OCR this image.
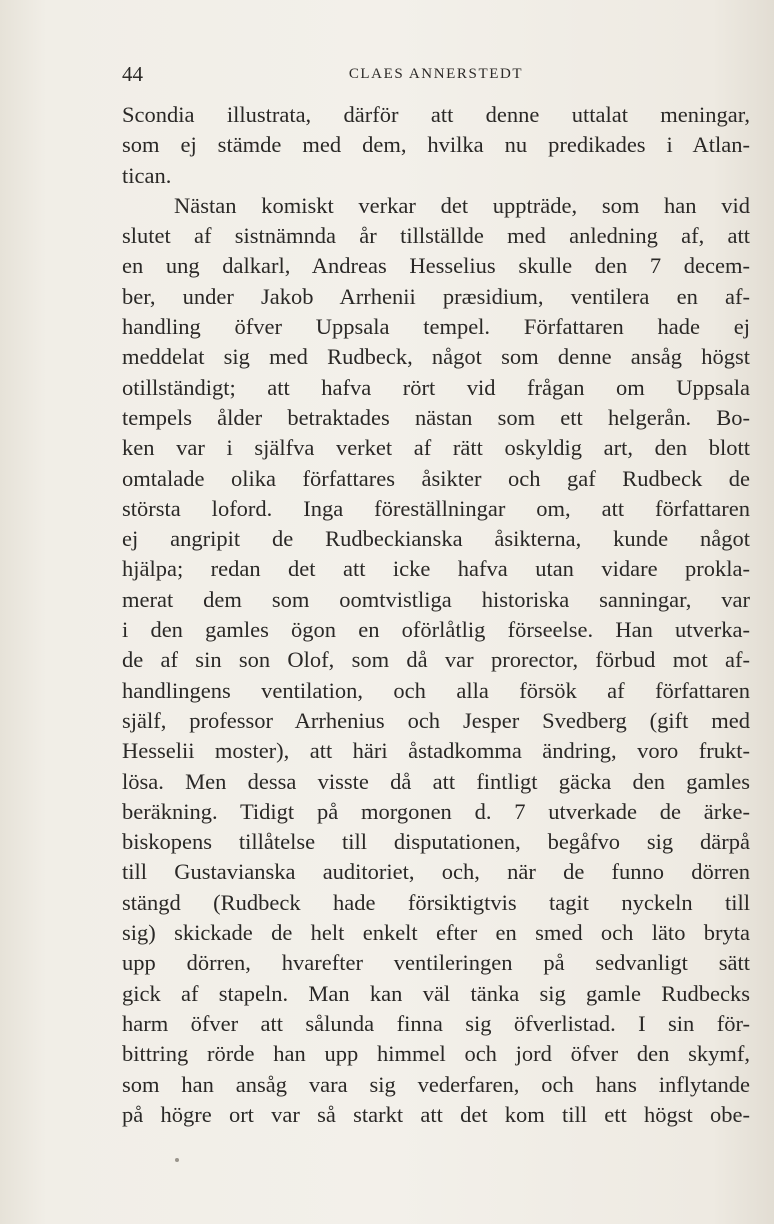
44	CLAES ANNERSTEDT
Scondia illustrata, därför att denne uttalat meningar,
som ej stämde med dem, hvilka nu predikades i Atlan-
tican.
Nästan komiskt verkar det uppträde, som han vid
slutet af sistnämnda år tillställde med anledning af, att
en ung dalkarl, Andreas Hesselius skulle den 7 decem-
ber, under Jakob Arrhenii præsidium, ventilera en af-
handling öfver Uppsala tempel. Författaren hade ej
meddelat sig med Rudbeck, något som denne ansåg högst
otillständigt; att hafva rört vid frågan om Uppsala
tempels ålder betraktades nästan som ett helgerån. Bo-
ken var i själfva verket af rätt oskyldig art, den blott
omtalade olika författares åsikter och gaf Rudbeck de
största loford. Inga föreställningar om, att författaren
ej angripit de Rudbeckianska åsikterna, kunde något
hjälpa; redan det att icke hafva utan vidare prokla-
merat dem som oomtvistliga historiska sanningar, var
i den gamles ögon en oförlåtlig förseelse. Han utverka-
de af sin son Olof, som då var prorector, förbud mot af-
handlingens ventilation, och alla försök af författaren
själf, professor Arrhenius och Jesper Svedberg (gift med
Hesselii moster), att häri åstadkomma ändring, voro frukt-
lösa. Men dessa visste då att fintligt gäcka den gamles
beräkning. Tidigt på morgonen d. 7 utverkade de ärke-
biskopens tillåtelse till disputationen, begåfvo sig därpå
till Gustavianska auditoriet, och, när de funno dörren
stängd (Rudbeck hade försiktigtvis tagit nyckeln till
sig) skickade de helt enkelt efter en smed och läto bryta
upp dörren, hvarefter ventileringen på sedvanligt sätt
gick af stapeln. Man kan väl tänka sig gamle Rudbecks
harm öfver att sålunda finna sig öfverlistad. I sin för-
bittring rörde han upp himmel och jord öfver den skymf,
som han ansåg vara sig vederfaren, och hans inflytande
på högre ort var så starkt att det kom till ett högst obe-
